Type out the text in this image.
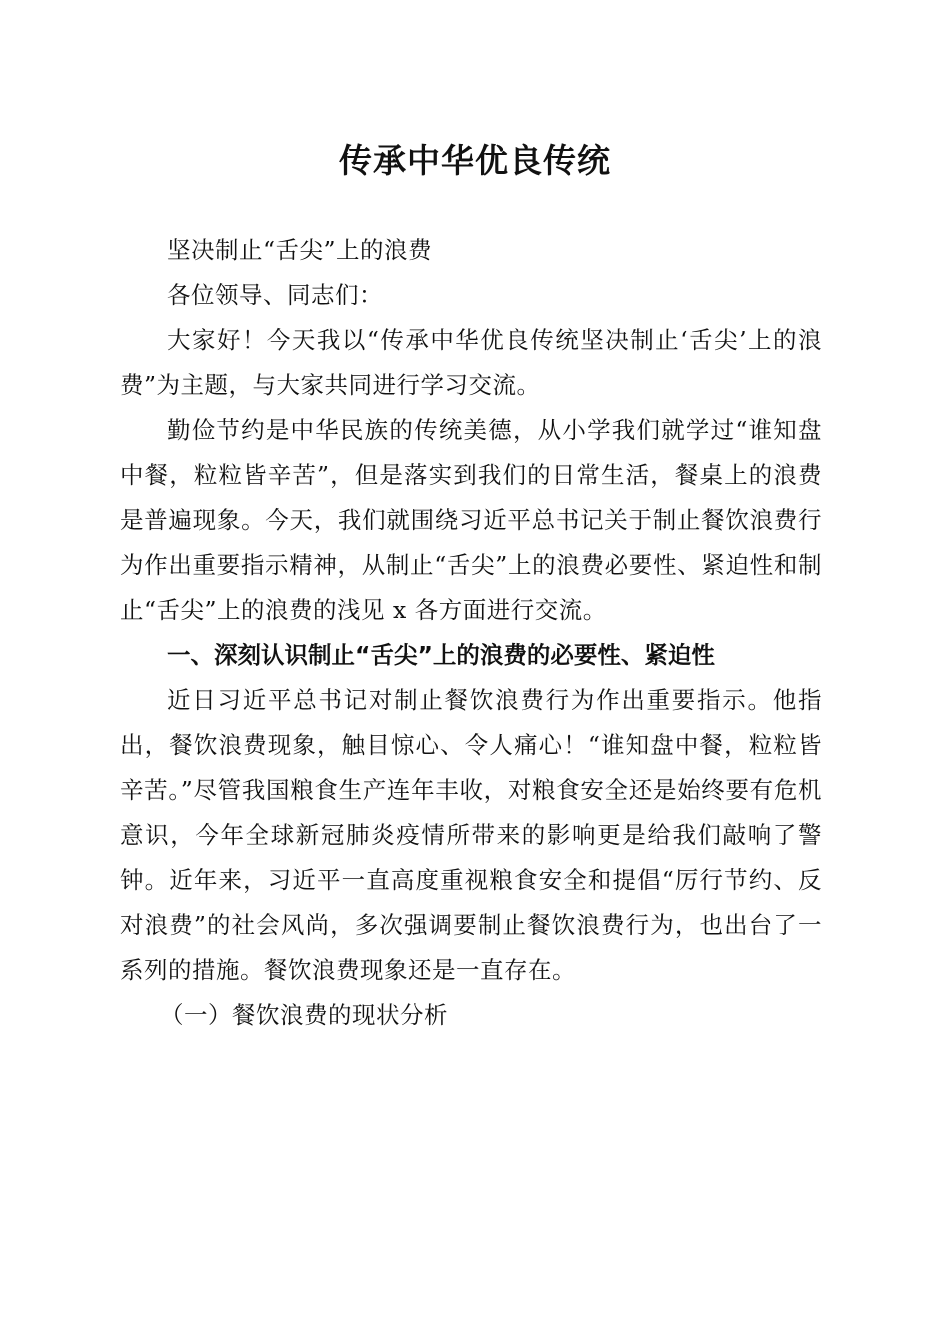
传承中华优良传统

坚决制止“舌尖”上的浪费

各位领导、同志们：

大家好！今天我以“传承中华优良传统坚决制止‘舌尖’上的浪费”为主题，与大家共同进行学习交流。

勤俭节约是中华民族的传统美德，从小学我们就学过“谁知盘中餐，粒粒皆辛苦”，但是落实到我们的日常生活，餐桌上的浪费是普遍现象。今天，我们就围绕习近平总书记关于制止餐饮浪费行为作出重要指示精神，从制止“舌尖”上的浪费必要性、紧迫性和制止“舌尖”上的浪费的浅见 x 各方面进行交流。

一、深刻认识制止“舌尖”上的浪费的必要性、紧迫性

近日习近平总书记对制止餐饮浪费行为作出重要指示。他指出，餐饮浪费现象，触目惊心、令人痛心！“谁知盘中餐，粒粒皆辛苦。”尽管我国粮食生产连年丰收，对粮食安全还是始终要有危机意识，今年全球新冠肺炎疫情所带来的影响更是给我们敲响了警钟。近年来，习近平一直高度重视粮食安全和提倡“厉行节约、反对浪费”的社会风尚，多次强调要制止餐饮浪费行为，也出台了一系列的措施。餐饮浪费现象还是一直存在。

（一）餐饮浪费的现状分析
